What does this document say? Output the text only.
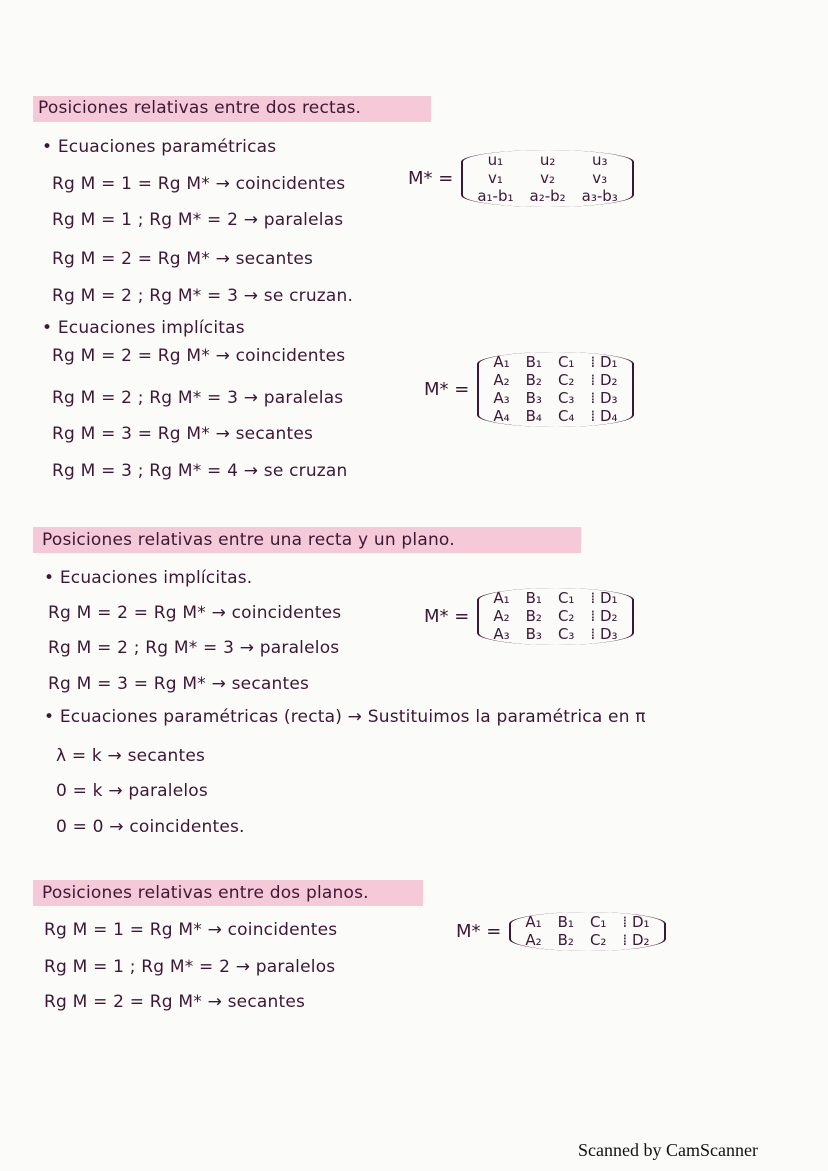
Posiciones relativas entre dos rectas.
• Ecuaciones paramétricas
Rg M = 1 = Rg M* → coincidentes
Rg M = 1 ; Rg M* = 2 → paralelas
Rg M = 2 = Rg M* → secantes
Rg M = 2 ; Rg M* = 3 → se cruzan.
M* =
u₁	u₂	u₃
v₁	v₂	v₃
a₁-b₁ a₂-b₂ a₃-b₃
• Ecuaciones implícitas
Rg M = 2 = Rg M* → coincidentes
Rg M = 2 ; Rg M* = 3 → paralelas
Rg M = 3 = Rg M* → secantes
Rg M = 3 ; Rg M* = 4 → se cruzan
M* =
A₁ B₁ C₁ ⁞ D₁
A₂ B₂ C₂ ⁞ D₂
A₃ B₃ C₃ ⁞ D₃
A₄ B₄ C₄ ⁞ D₄
Posiciones relativas entre una recta y un plano.
• Ecuaciones implícitas.
Rg M = 2 = Rg M* → coincidentes
Rg M = 2 ; Rg M* = 3 → paralelos
Rg M = 3 = Rg M* → secantes
M* =
A₁ B₁ C₁ ⁞ D₁
A₂ B₂ C₂ ⁞ D₂
A₃ B₃ C₃ ⁞ D₃
• Ecuaciones paramétricas (recta) → Sustituimos la paramétrica en π
λ = k → secantes
0 = k → paralelos
0 = 0 → coincidentes.
Posiciones relativas entre dos planos.
Rg M = 1 = Rg M* → coincidentes
Rg M = 1 ; Rg M* = 2 → paralelos
Rg M = 2 = Rg M* → secantes
M* = A₁ B₁ C₁ ⁞ D₁
A₂ B₂ C₂ ⁞ D₂
Scanned by CamScanner
